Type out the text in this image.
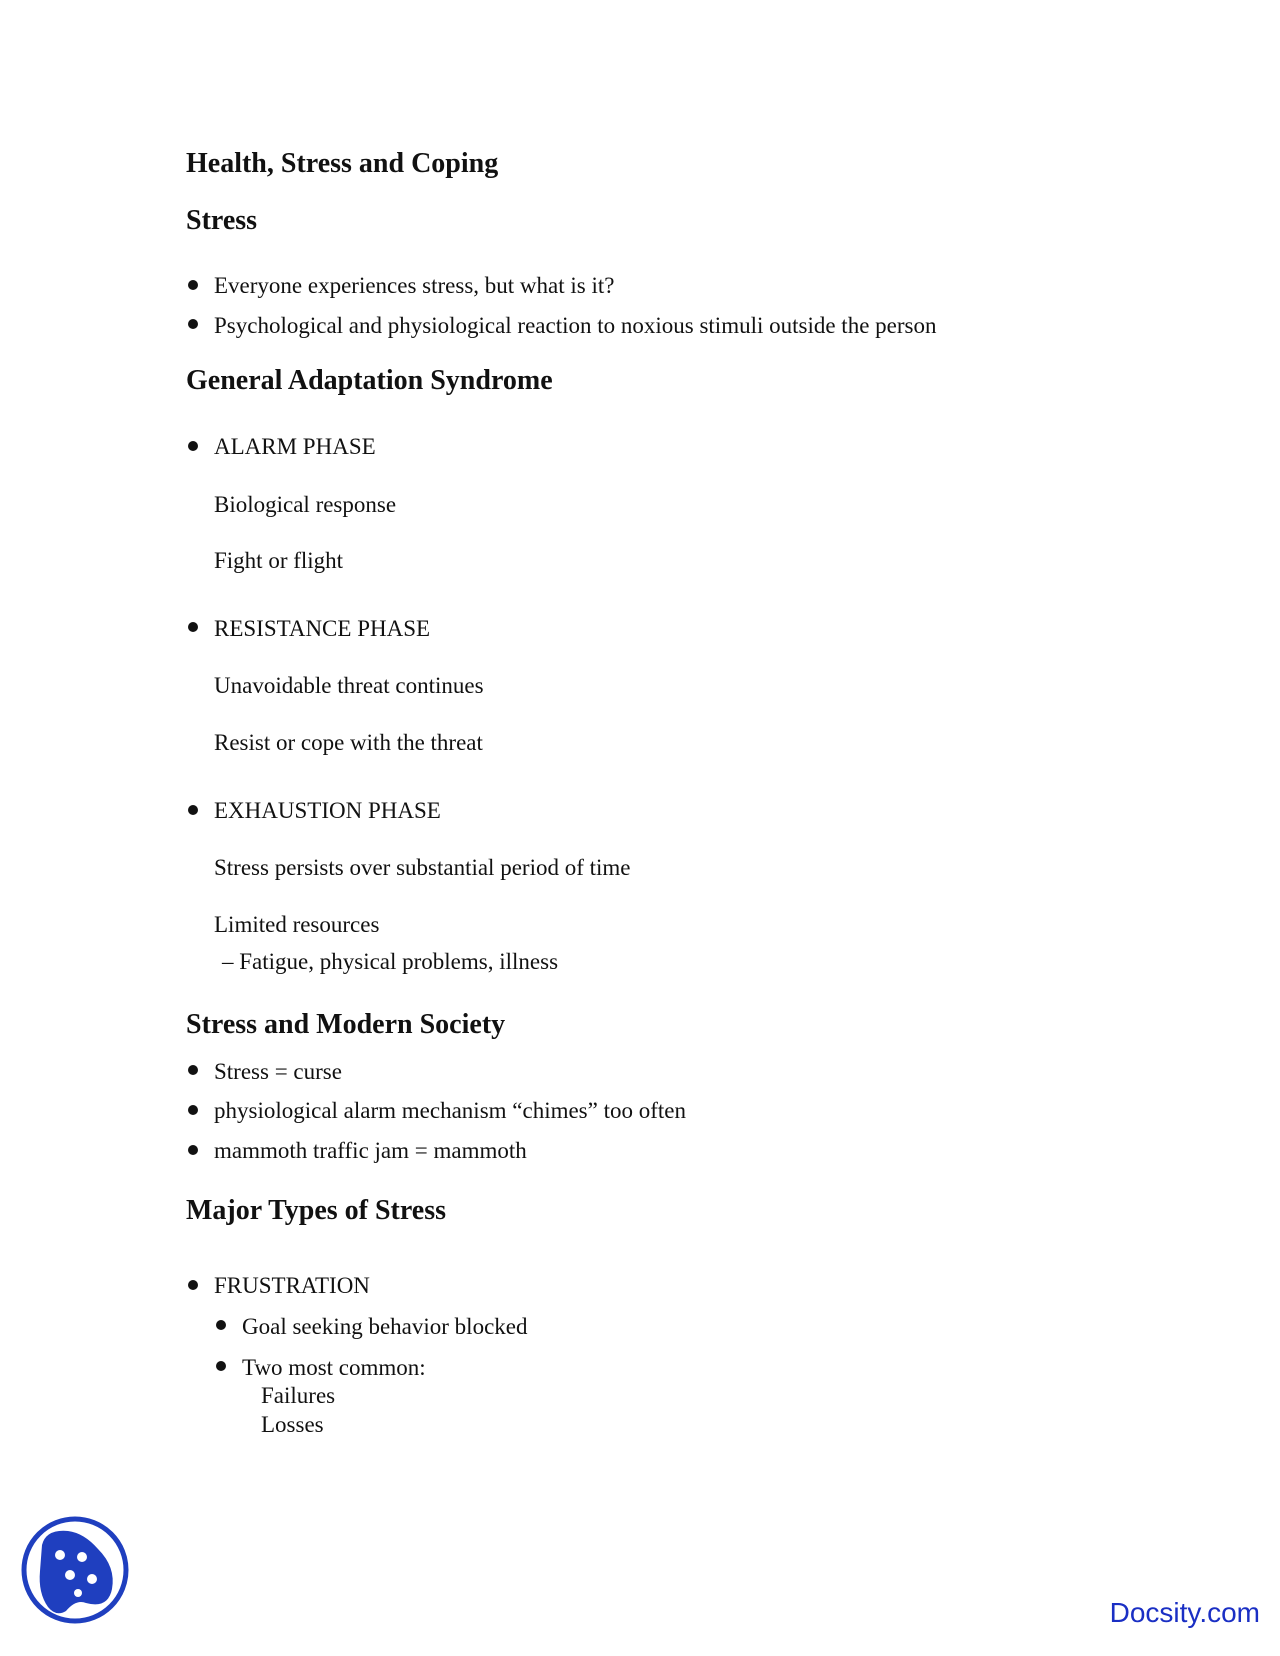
Health, Stress and Coping
Stress
Everyone experiences stress, but what is it?
Psychological and physiological reaction to noxious stimuli outside the person
General Adaptation Syndrome
ALARM PHASE
Biological response
Fight or flight
RESISTANCE PHASE
Unavoidable threat continues
Resist or cope with the threat
EXHAUSTION PHASE
Stress persists over substantial period of time
Limited resources
– Fatigue, physical problems, illness
Stress and Modern Society
Stress = curse
physiological alarm mechanism “chimes” too often
mammoth traffic jam = mammoth
Major Types of Stress
FRUSTRATION
Goal seeking behavior blocked
Two most common:
Failures
Losses
Docsity.com
